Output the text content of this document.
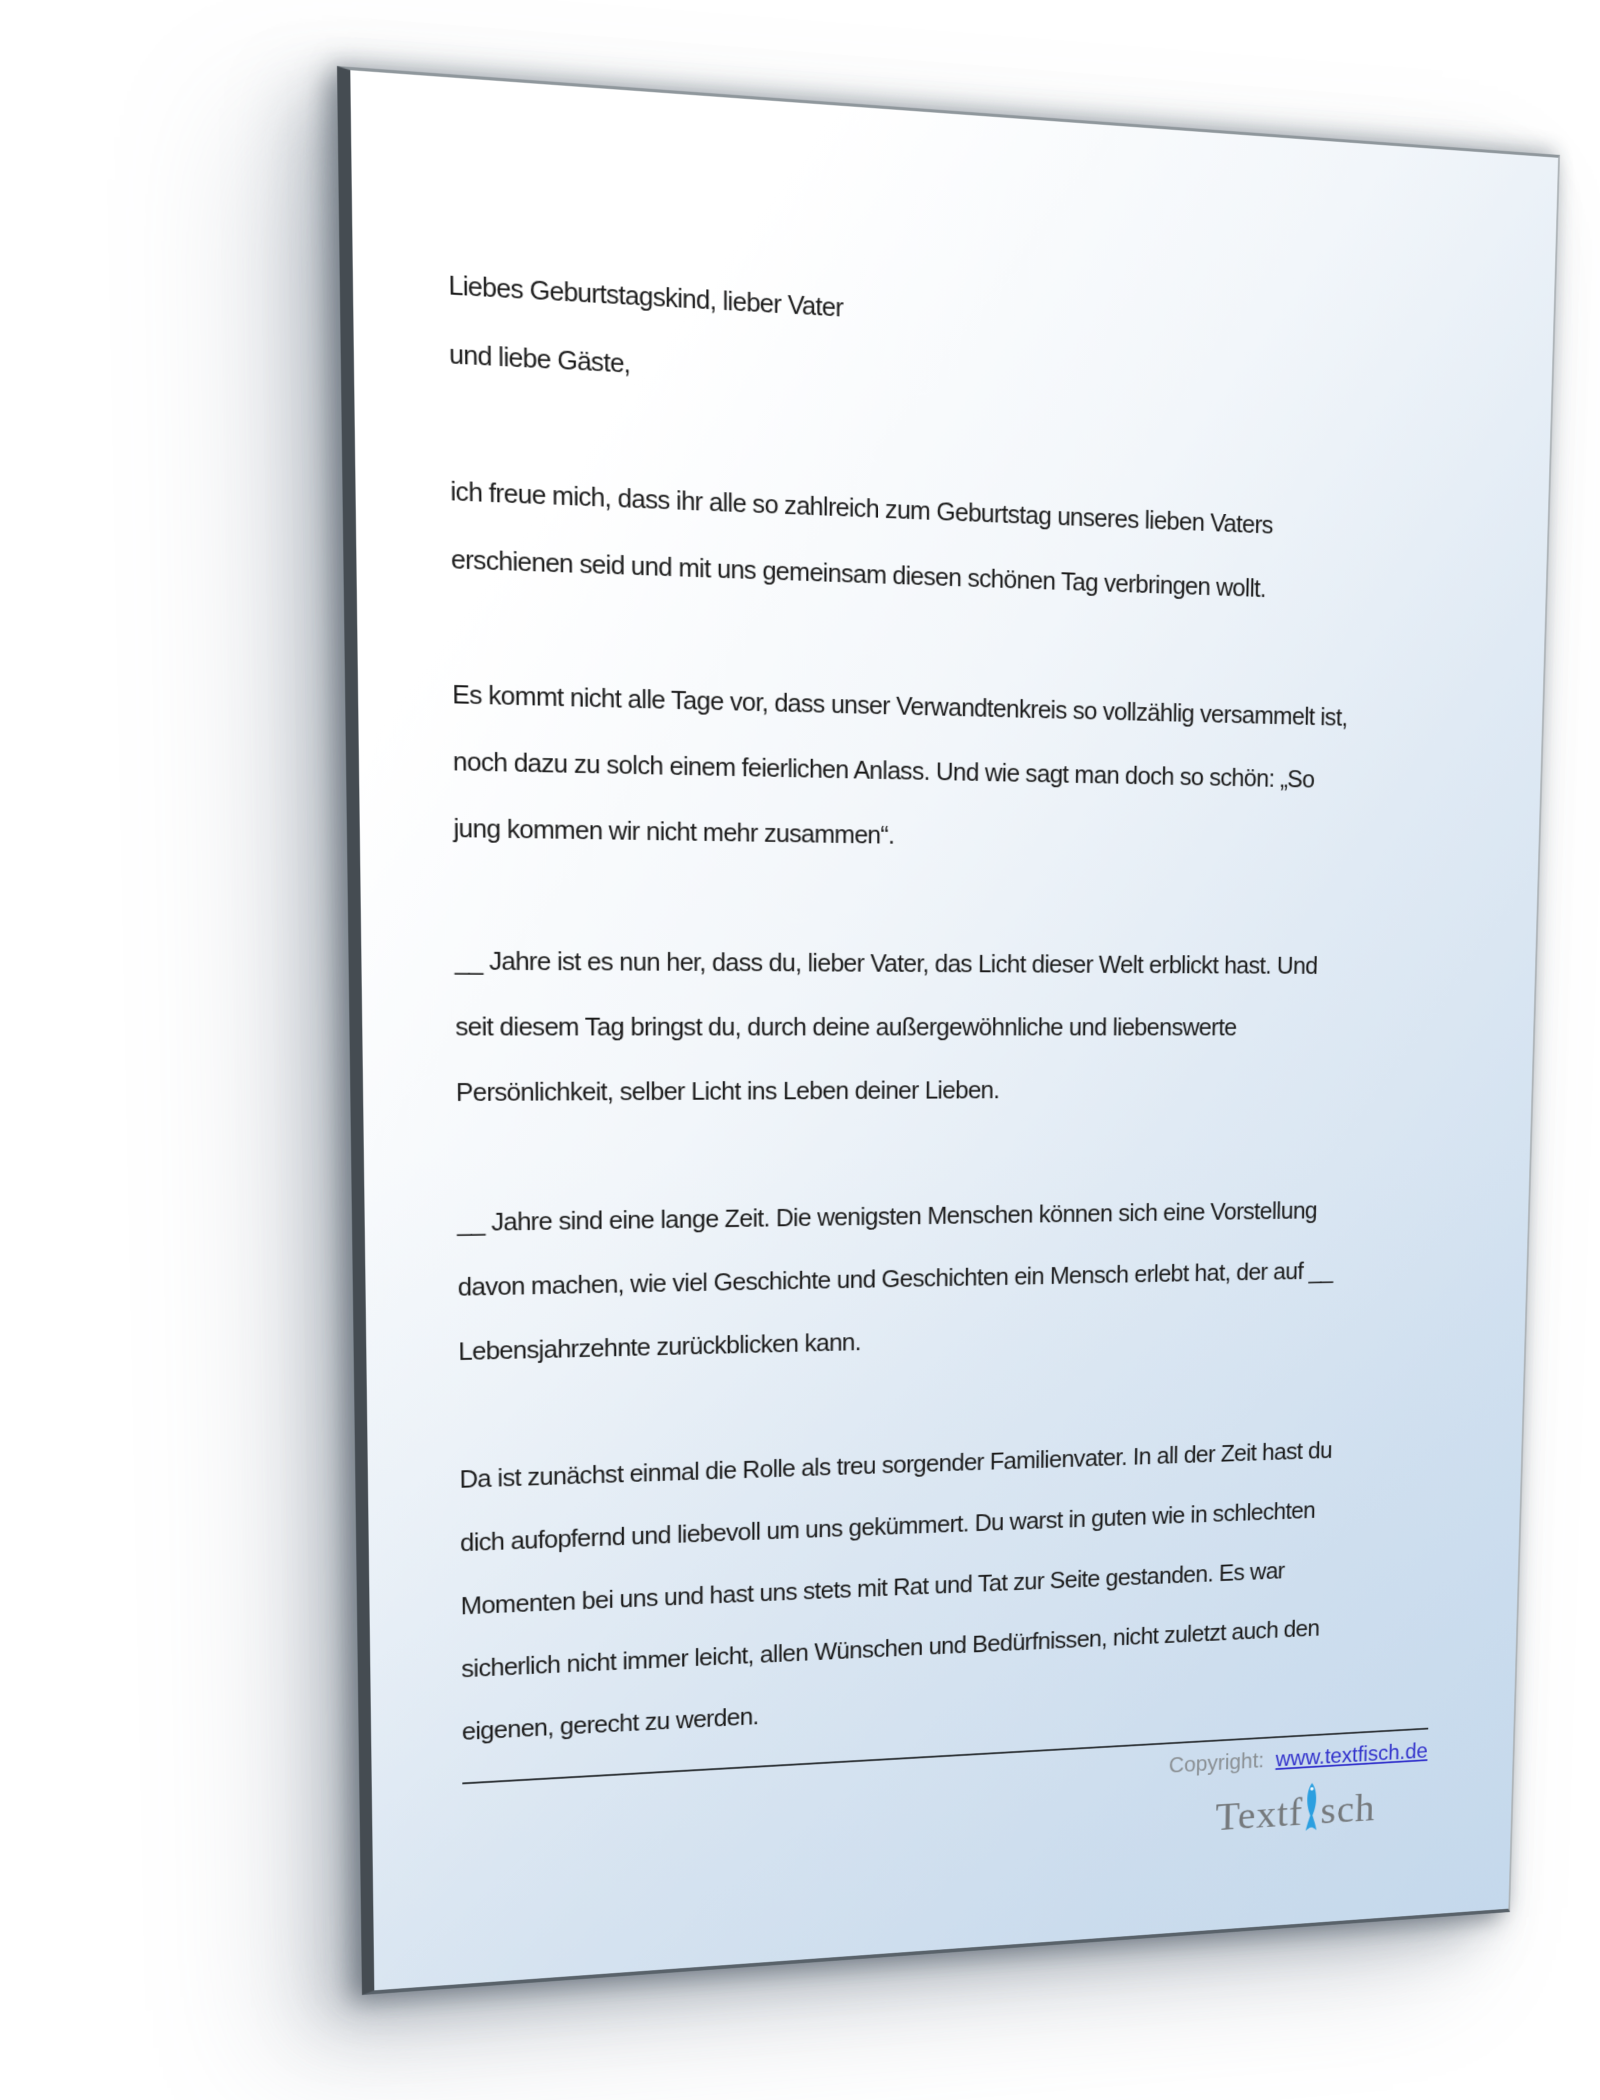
Liebes Geburtstagskind, lieber Vater
und liebe Gäste,
ich freue mich, dass ihr alle so zahlreich zum Geburtstag unseres lieben Vaters
erschienen seid und mit uns gemeinsam diesen schönen Tag verbringen wollt.
Es kommt nicht alle Tage vor, dass unser Verwandtenkreis so vollzählig versammelt ist,
noch dazu zu solch einem feierlichen Anlass. Und wie sagt man doch so schön: „So
jung kommen wir nicht mehr zusammen“.
__ Jahre ist es nun her, dass du, lieber Vater, das Licht dieser Welt erblickt hast. Und
seit diesem Tag bringst du, durch deine außergewöhnliche und liebenswerte
Persönlichkeit, selber Licht ins Leben deiner Lieben.
__ Jahre sind eine lange Zeit. Die wenigsten Menschen können sich eine Vorstellung
davon machen, wie viel Geschichte und Geschichten ein Mensch erlebt hat, der auf __
Lebensjahrzehnte zurückblicken kann.
Da ist zunächst einmal die Rolle als treu sorgender Familienvater. In all der Zeit hast du
dich aufopfernd und liebevoll um uns gekümmert. Du warst in guten wie in schlechten
Momenten bei uns und hast uns stets mit Rat und Tat zur Seite gestanden. Es war
sicherlich nicht immer leicht, allen Wünschen und Bedürfnissen, nicht zuletzt auch den
eigenen, gerecht zu werden.
Copyright: www.textfisch.de
Textf sch
